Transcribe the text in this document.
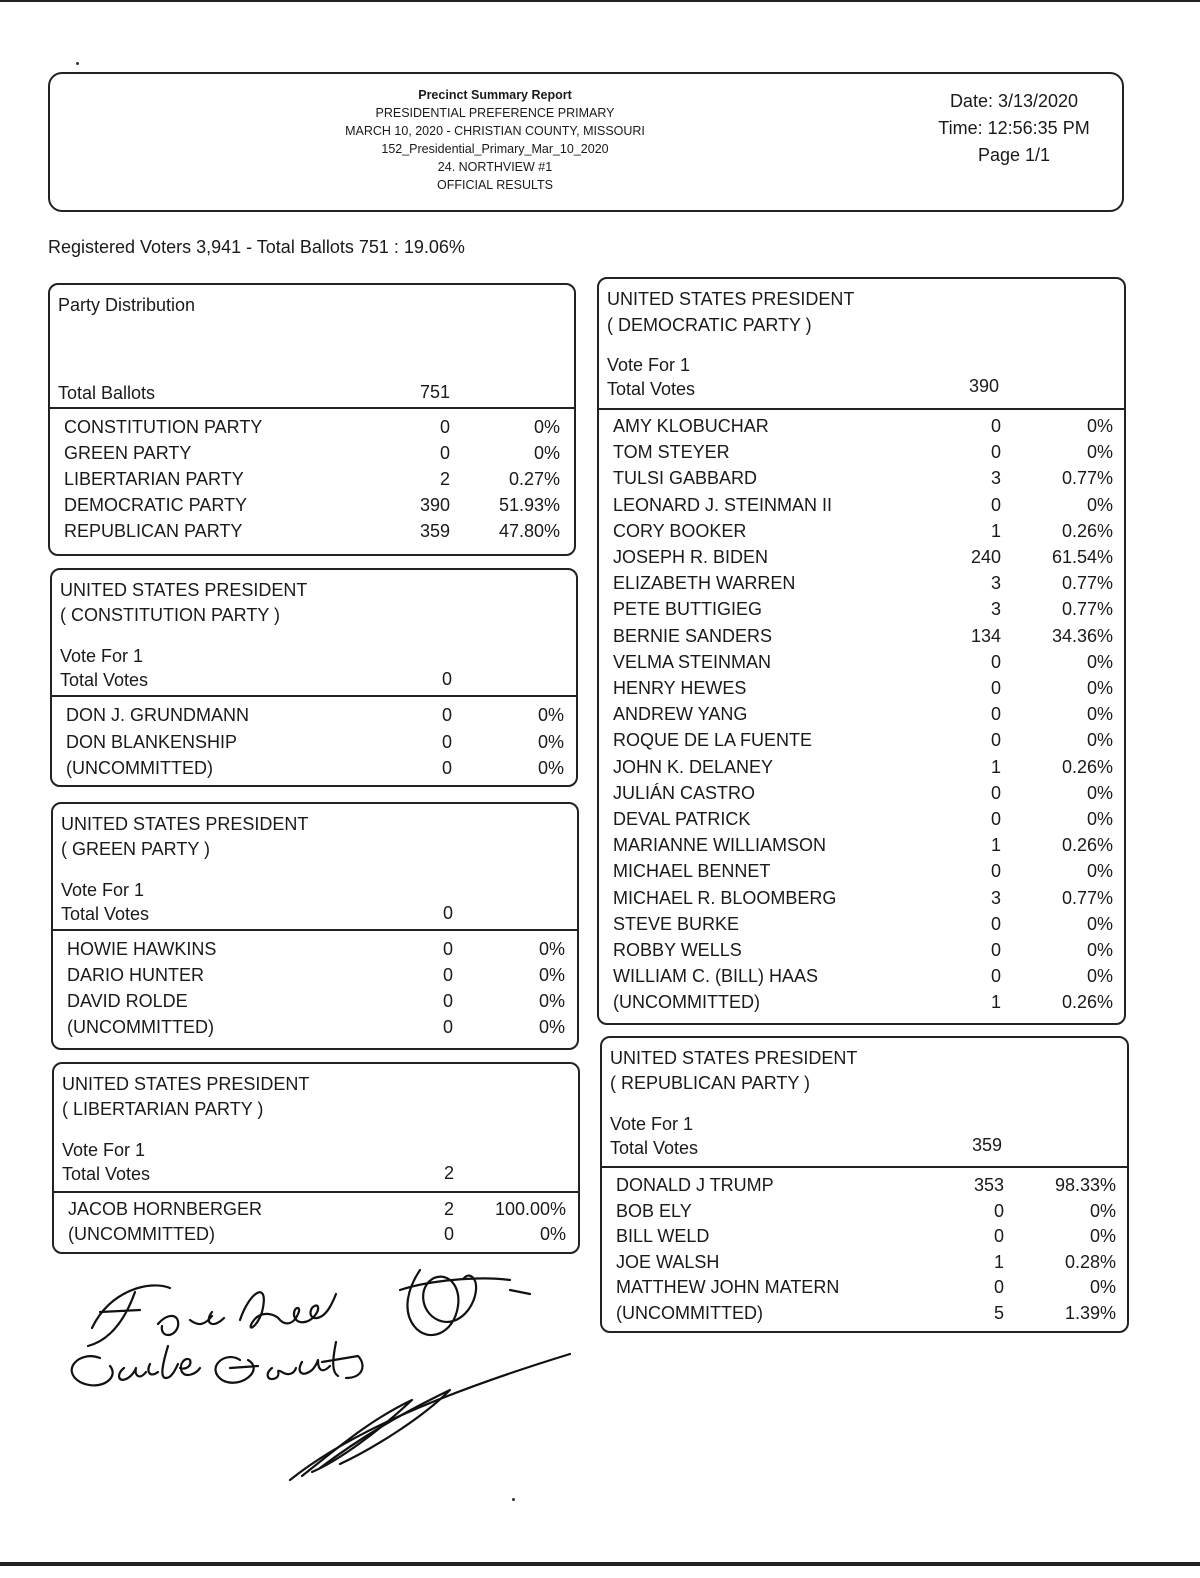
Precinct Summary Report
PRESIDENTIAL PREFERENCE PRIMARY
MARCH 10, 2020 - CHRISTIAN COUNTY, MISSOURI
152_Presidential_Primary_Mar_10_2020
24. NORTHVIEW #1
OFFICIAL RESULTS
Date: 3/13/2020
Time: 12:56:35 PM
Page 1/1
Registered Voters 3,941 - Total Ballots 751 : 19.06%
Party Distribution
Total Ballots	751
CONSTITUTION PARTY	0	0%
GREEN PARTY	0	0%
LIBERTARIAN PARTY	2	0.27%
DEMOCRATIC PARTY	390	51.93%
REPUBLICAN PARTY	359	47.80%
UNITED STATES PRESIDENT
( CONSTITUTION PARTY )
Vote For 1
Total Votes	0
DON J. GRUNDMANN	0	0%
DON BLANKENSHIP	0	0%
(UNCOMMITTED)	0	0%
UNITED STATES PRESIDENT
( GREEN PARTY )
Vote For 1
Total Votes	0
HOWIE HAWKINS	0	0%
DARIO HUNTER	0	0%
DAVID ROLDE	0	0%
(UNCOMMITTED)	0	0%
UNITED STATES PRESIDENT
( LIBERTARIAN PARTY )
Vote For 1
Total Votes	2
JACOB HORNBERGER	2	100.00%
(UNCOMMITTED)	0	0%
UNITED STATES PRESIDENT
( DEMOCRATIC PARTY )
Vote For 1
Total Votes	390
AMY KLOBUCHAR	0	0%
TOM STEYER	0	0%
TULSI GABBARD	3	0.77%
LEONARD J. STEINMAN II	0	0%
CORY BOOKER	1	0.26%
JOSEPH R. BIDEN	240	61.54%
ELIZABETH WARREN	3	0.77%
PETE BUTTIGIEG	3	0.77%
BERNIE SANDERS	134	34.36%
VELMA STEINMAN	0	0%
HENRY HEWES	0	0%
ANDREW YANG	0	0%
ROQUE DE LA FUENTE	0	0%
JOHN K. DELANEY	1	0.26%
JULIÁN CASTRO	0	0%
DEVAL PATRICK	0	0%
MARIANNE WILLIAMSON	1	0.26%
MICHAEL BENNET	0	0%
MICHAEL R. BLOOMBERG	3	0.77%
STEVE BURKE	0	0%
ROBBY WELLS	0	0%
WILLIAM C. (BILL) HAAS	0	0%
(UNCOMMITTED)	1	0.26%
UNITED STATES PRESIDENT
( REPUBLICAN PARTY )
Vote For 1
Total Votes	359
DONALD J TRUMP	353	98.33%
BOB ELY	0	0%
BILL WELD	0	0%
JOE WALSH	1	0.28%
MATTHEW JOHN MATERN	0	0%
(UNCOMMITTED)	5	1.39%
